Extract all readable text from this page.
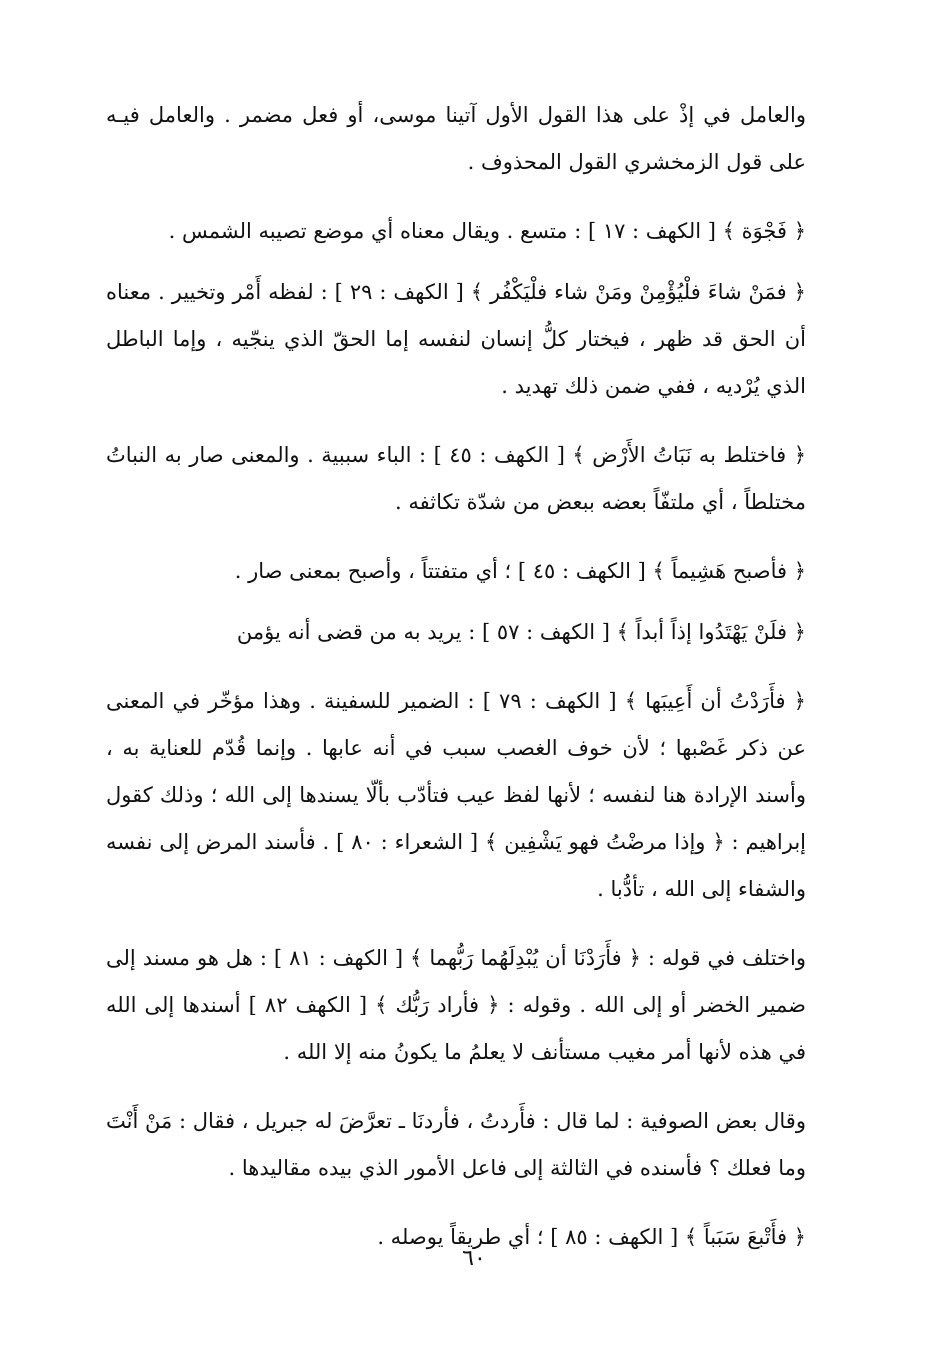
والعامل في إذْ على هذا القول الأول آتينا موسى، أو فعل مضمر . والعامل فيـه على قول الزمخشري القول المحذوف .

﴿ فَجْوَة ﴾ [ الكهف : ١٧ ] : متسع . ويقال معناه أي موضع تصيبه الشمس .

﴿ فمَنْ شاءَ فلْيُؤْمِنْ ومَنْ شاء فلْيَكْفُر ﴾ [ الكهف : ٢٩ ] : لفظه أَمْر وتخيير . معناه أن الحق قد ظهر ، فيختار كلُّ إنسان لنفسه إما الحقّ الذي ينجّيه ، وإما الباطل الذي يُرْديه ، ففي ضمن ذلك تهديد .

﴿ فاختلط به نَبَاتُ الأَرْض ﴾ [ الكهف : ٤٥ ] : الباء سببية . والمعنى صار به النباتُ مختلطاً ، أي ملتفّاً بعضه ببعض من شدّة تكاثفه .

﴿ فأصبح هَشِيماً ﴾ [ الكهف : ٤٥ ] ؛ أي متفتتاً ، وأصبح بمعنى صار .

﴿ فلَنْ يَهْتَدُوا إذاً أبداً ﴾ [ الكهف : ٥٧ ] : يريد به من قضى أنه يؤمن

﴿ فأَرَدْتُ أن أَعِيبَها ﴾ [ الكهف : ٧٩ ] : الضمير للسفينة . وهذا مؤخّر في المعنى عن ذكر غَصْبها ؛ لأن خوف الغصب سبب في أنه عابها . وإنما قُدّم للعناية به ، وأسند الإرادة هنا لنفسه ؛ لأنها لفظ عيب فتأدّب بألّا يسندها إلى الله ؛ وذلك كقول إبراهيم : ﴿ وإذا مرضْتُ فهو يَشْفِين ﴾ [ الشعراء : ٨٠ ] . فأسند المرض إلى نفسه والشفاء إلى الله ، تأدُّبا .

واختلف في قوله : ﴿ فأَرَدْنَا أن يُبْدِلَهُما رَبُّهما ﴾ [ الكهف : ٨١ ] : هل هو مسند إلى ضمير الخضر أو إلى الله . وقوله : ﴿ فأراد رَبُّك ﴾ [ الكهف ٨٢ ] أسندها إلى الله في هذه لأنها أمر مغيب مستأنف لا يعلمُ ما يكونُ منه إلا الله .

وقال بعض الصوفية : لما قال : فأَردتُ ، فأردنَا ـ تعرَّضَ له جبريل ، فقال : مَنْ أَنْتَ وما فعلك ؟ فأسنده في الثالثة إلى فاعل الأمور الذي بيده مقاليدها .

﴿ فأَتْبعَ سَبَباً ﴾ [ الكهف : ٨٥ ] ؛ أي طريقاً يوصله .

٦٠
